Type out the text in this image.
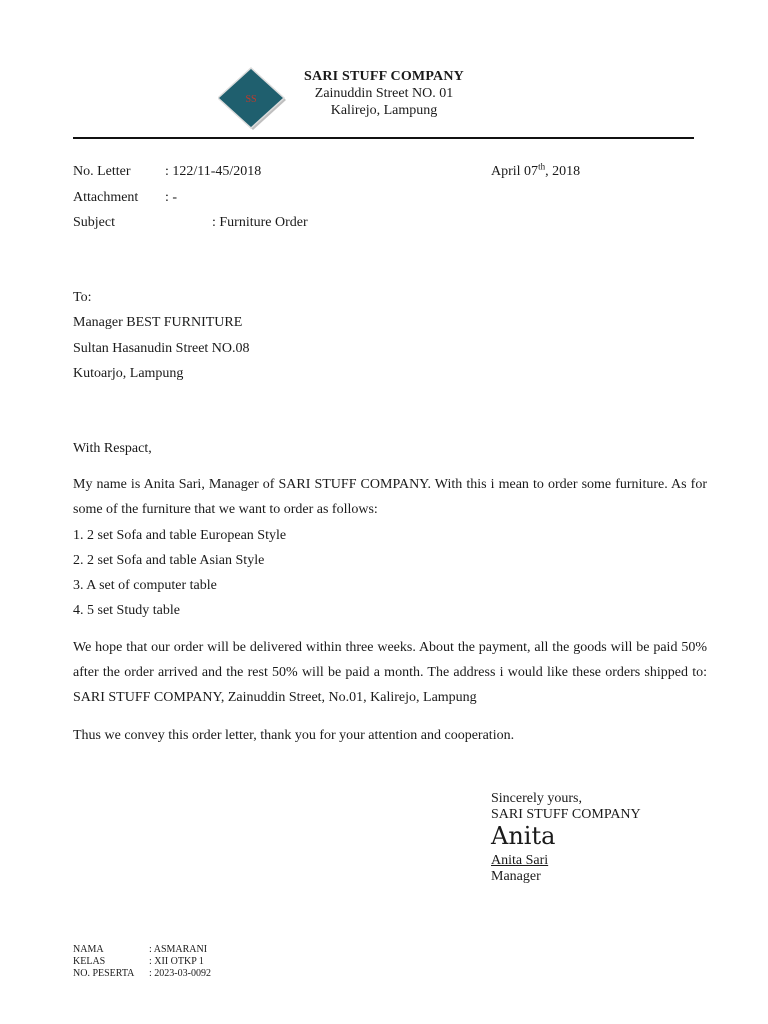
SS
SARI STUFF COMPANY
Zainuddin Street NO. 01
Kalirejo, Lampung
No. Letter : 122/11-45/2018	April 07th, 2018
Attachment : -
Subject	: Furniture Order
To:
Manager BEST FURNITURE
Sultan Hasanudin Street NO.08
Kutoarjo, Lampung
With Respact,
My name is Anita Sari, Manager of SARI STUFF COMPANY. With this i mean to order some furniture. As for some of the furniture that we want to order as follows:
1. 2 set Sofa and table European Style
2. 2 set Sofa and table Asian Style
3. A set of computer table
4. 5 set Study table
We hope that our order will be delivered within three weeks. About the payment, all the goods will be paid 50% after the order arrived and the rest 50% will be paid a month. The address i would like these orders shipped to: SARI STUFF COMPANY, Zainuddin Street, No.01, Kalirejo, Lampung
Thus we convey this order letter, thank you for your attention and cooperation.
Sincerely yours,
SARI STUFF COMPANY
Anita
Anita Sari
Manager
NAMA	: ASMARANI
KELAS	: XII OTKP 1
NO. PESERTA : 2023-03-0092
